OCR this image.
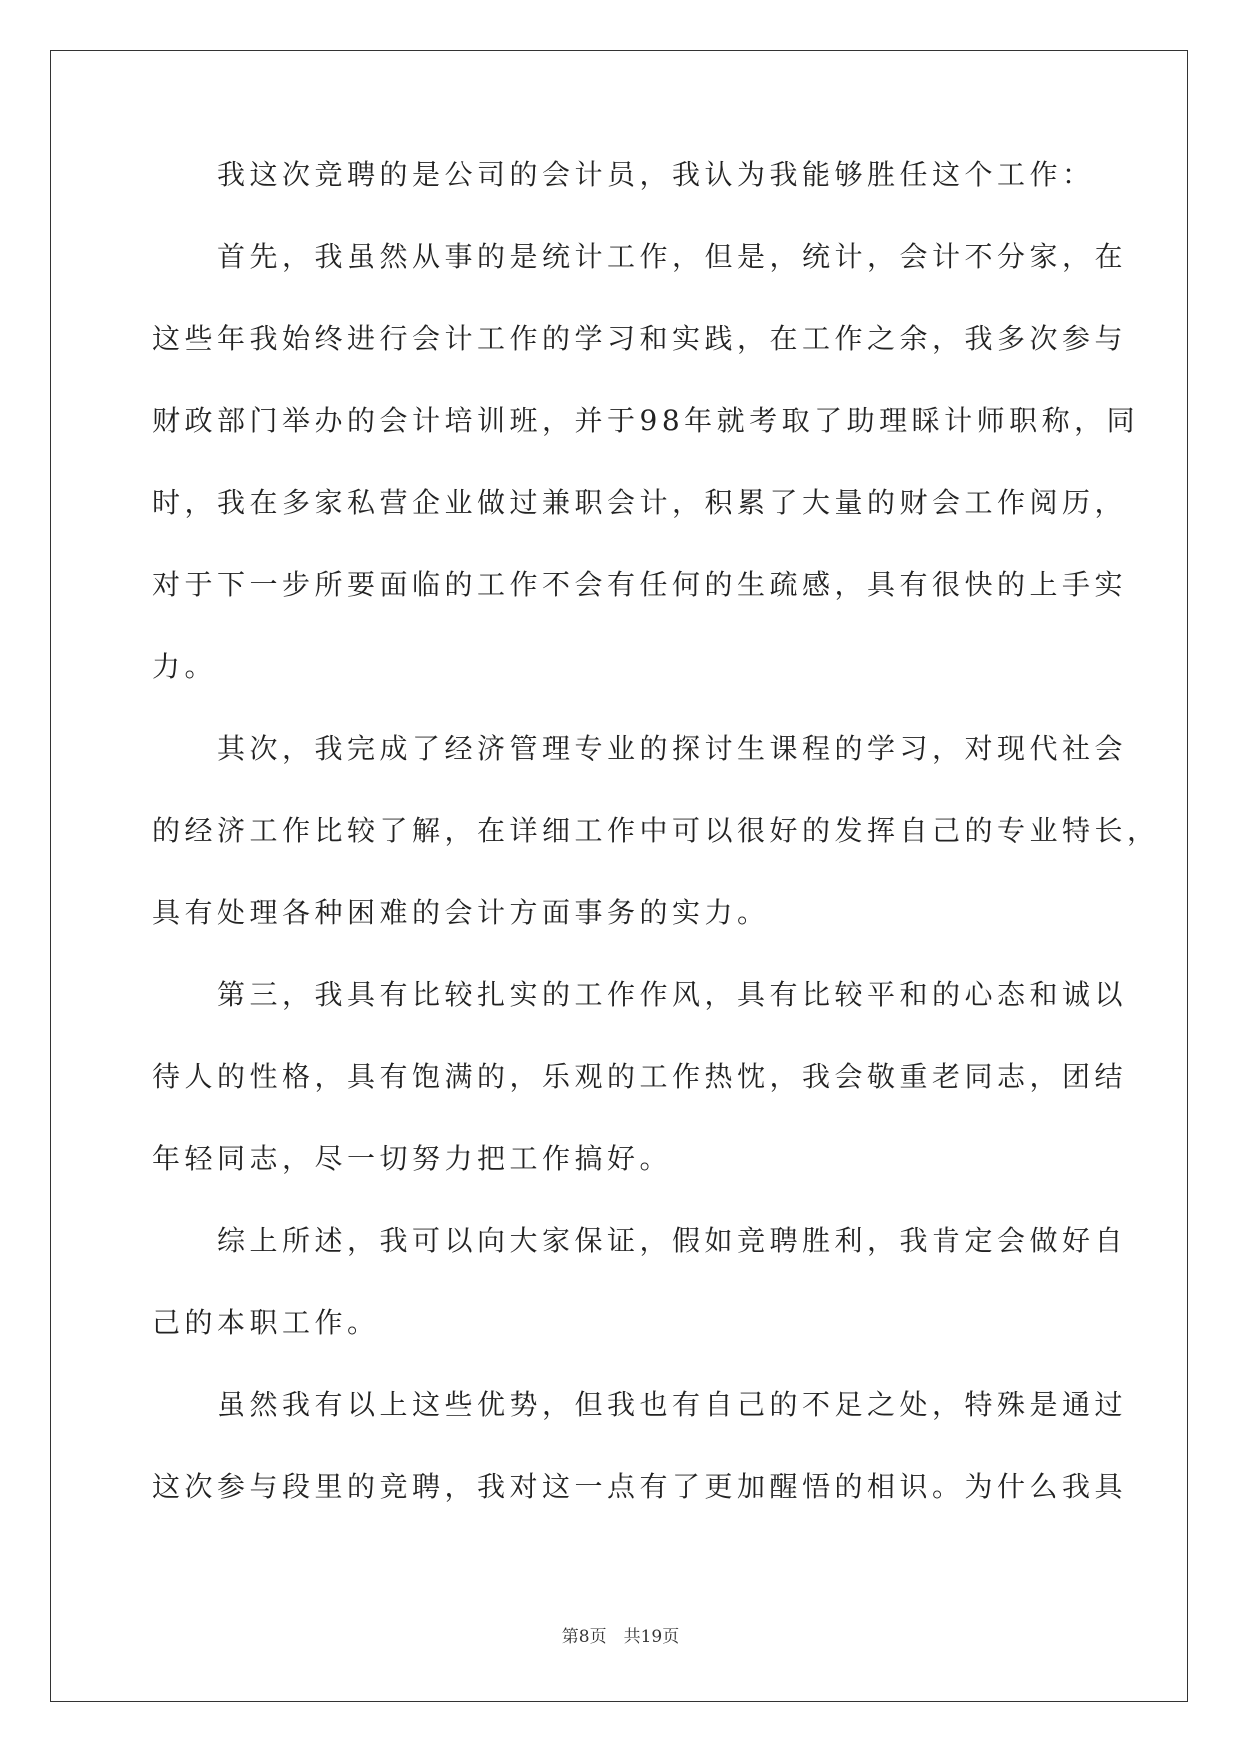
　　我这次竞聘的是公司的会计员，我认为我能够胜任这个工作：
　　首先，我虽然从事的是统计工作，但是，统计，会计不分家，在
这些年我始终进行会计工作的学习和实践，在工作之余，我多次参与
财政部门举办的会计培训班，并于98年就考取了助理睬计师职称，同
时，我在多家私营企业做过兼职会计，积累了大量的财会工作阅历，
对于下一步所要面临的工作不会有任何的生疏感，具有很快的上手实
力。
　　其次，我完成了经济管理专业的探讨生课程的学习，对现代社会
的经济工作比较了解，在详细工作中可以很好的发挥自己的专业特长，
具有处理各种困难的会计方面事务的实力。
　　第三，我具有比较扎实的工作作风，具有比较平和的心态和诚以
待人的性格，具有饱满的，乐观的工作热忱，我会敬重老同志，团结
年轻同志，尽一切努力把工作搞好。
　　综上所述，我可以向大家保证，假如竞聘胜利，我肯定会做好自
己的本职工作。
　　虽然我有以上这些优势，但我也有自己的不足之处，特殊是通过
这次参与段里的竞聘，我对这一点有了更加醒悟的相识。为什么我具
第8页　共19页
